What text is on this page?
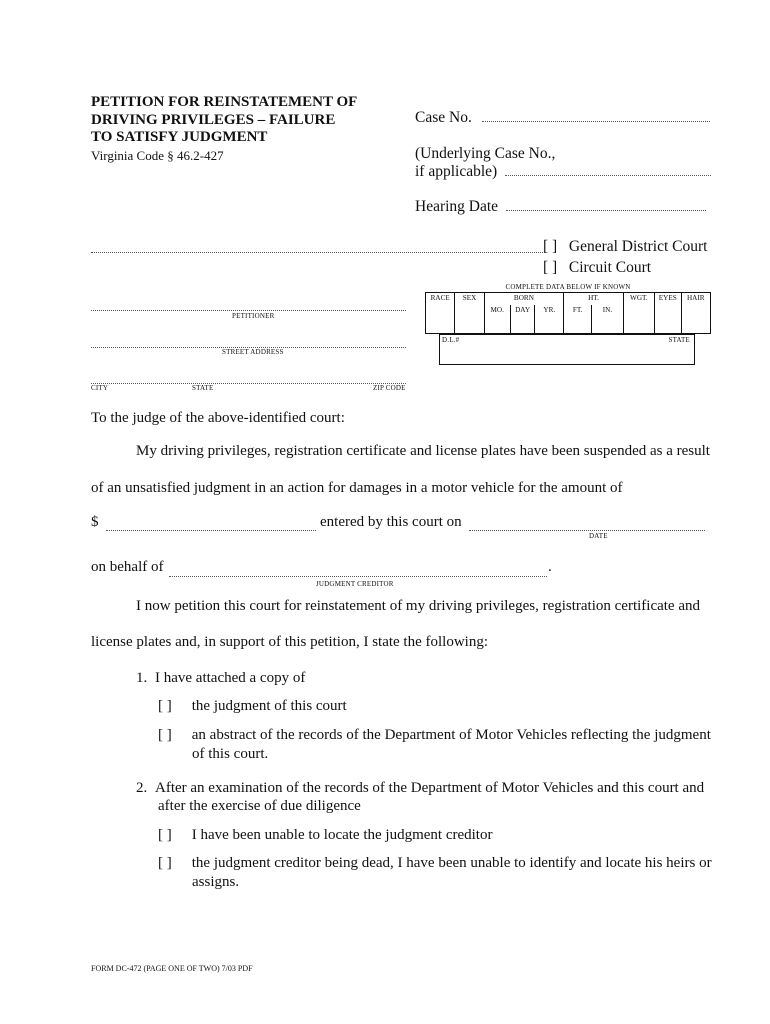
PETITION FOR REINSTATEMENT OF
DRIVING PRIVILEGES – FAILURE
TO SATISFY JUDGMENT
Virginia Code § 46.2-427
Case No.
(Underlying Case No.,
if applicable)
Hearing Date
[ ] General District Court
[ ] Circuit Court
PETITIONER
STREET ADDRESS
CITY	STATE	ZIP CODE
COMPLETE DATA BELOW IF KNOWN
RACE	SEX	BORN			HT.		WGT.	EYES	HAIR
		MO.	DAY	YR.	FT.	IN.			
D.L.#	STATE
To the judge of the above-identified court:
My driving privileges, registration certificate and license plates have been suspended as a result
of an unsatisfied judgment in an action for damages in a motor vehicle for the amount of
$	entered by this court on
DATE
on behalf of	.
JUDGMENT CREDITOR
I now petition this court for reinstatement of my driving privileges, registration certificate and
license plates and, in support of this petition, I state the following:
1. I have attached a copy of
[ ] the judgment of this court
[ ] an abstract of the records of the Department of Motor Vehicles reflecting the judgment
of this court.
2. After an examination of the records of the Department of Motor Vehicles and this court and
after the exercise of due diligence
[ ] I have been unable to locate the judgment creditor
[ ] the judgment creditor being dead, I have been unable to identify and locate his heirs or
assigns.
FORM DC-472 (PAGE ONE OF TWO) 7/03 PDF
